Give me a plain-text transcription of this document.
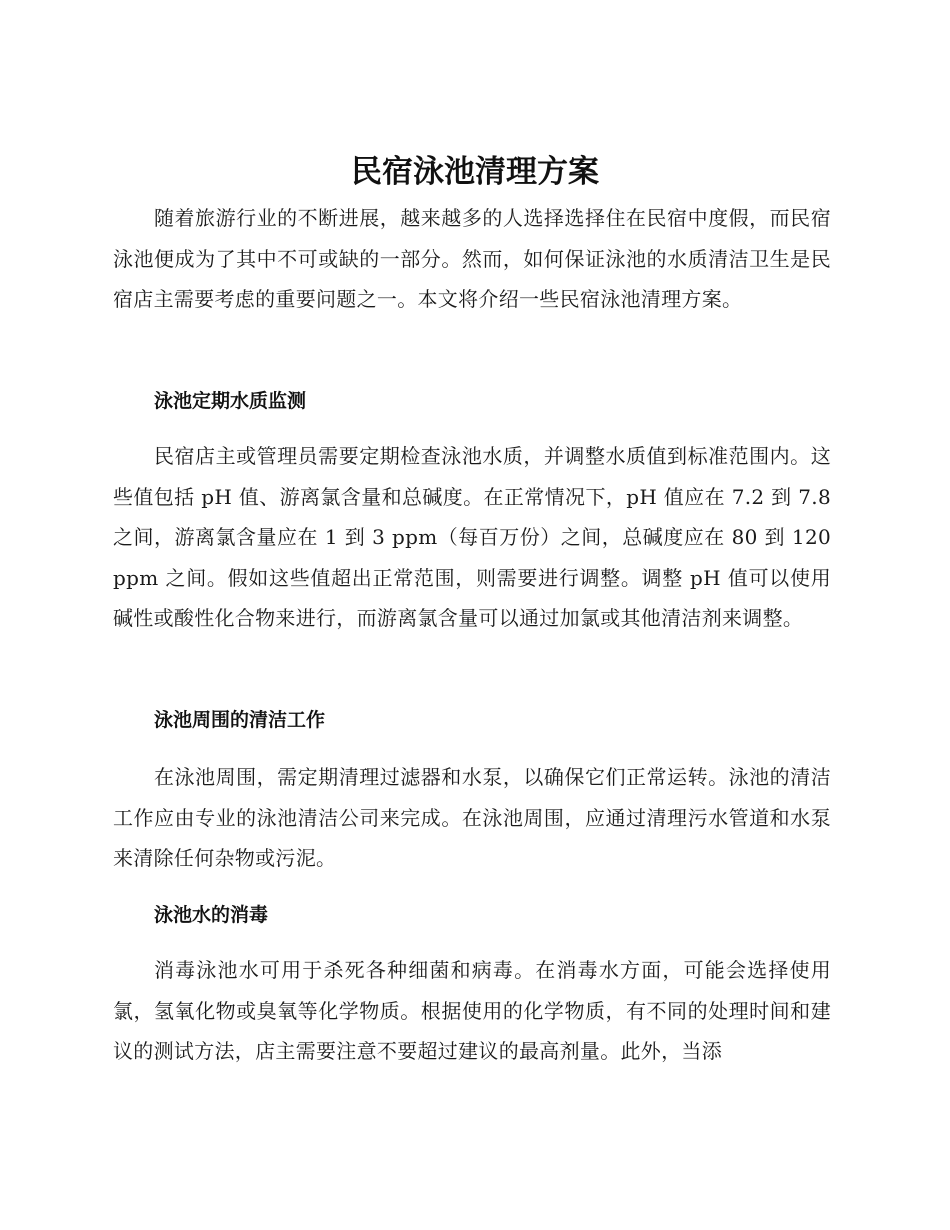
民宿泳池清理方案

随着旅游行业的不断进展，越来越多的人选择选择住在民宿中度假，而民宿泳池便成为了其中不可或缺的一部分。然而，如何保证泳池的水质清洁卫生是民宿店主需要考虑的重要问题之一。本文将介绍一些民宿泳池清理方案。

泳池定期水质监测

民宿店主或管理员需要定期检查泳池水质，并调整水质值到标准范围内。这些值包括 pH 值、游离氯含量和总碱度。在正常情况下，pH 值应在 7.2 到 7.8 之间，游离氯含量应在 1 到 3 ppm（每百万份）之间，总碱度应在 80 到 120 ppm 之间。假如这些值超出正常范围，则需要进行调整。调整 pH 值可以使用碱性或酸性化合物来进行，而游离氯含量可以通过加氯或其他清洁剂来调整。

泳池周围的清洁工作

在泳池周围，需定期清理过滤器和水泵，以确保它们正常运转。泳池的清洁工作应由专业的泳池清洁公司来完成。在泳池周围，应通过清理污水管道和水泵来清除任何杂物或污泥。

泳池水的消毒

消毒泳池水可用于杀死各种细菌和病毒。在消毒水方面，可能会选择使用氯，氢氧化物或臭氧等化学物质。根据使用的化学物质，有不同的处理时间和建议的测试方法，店主需要注意不要超过建议的最高剂量。此外，当添
